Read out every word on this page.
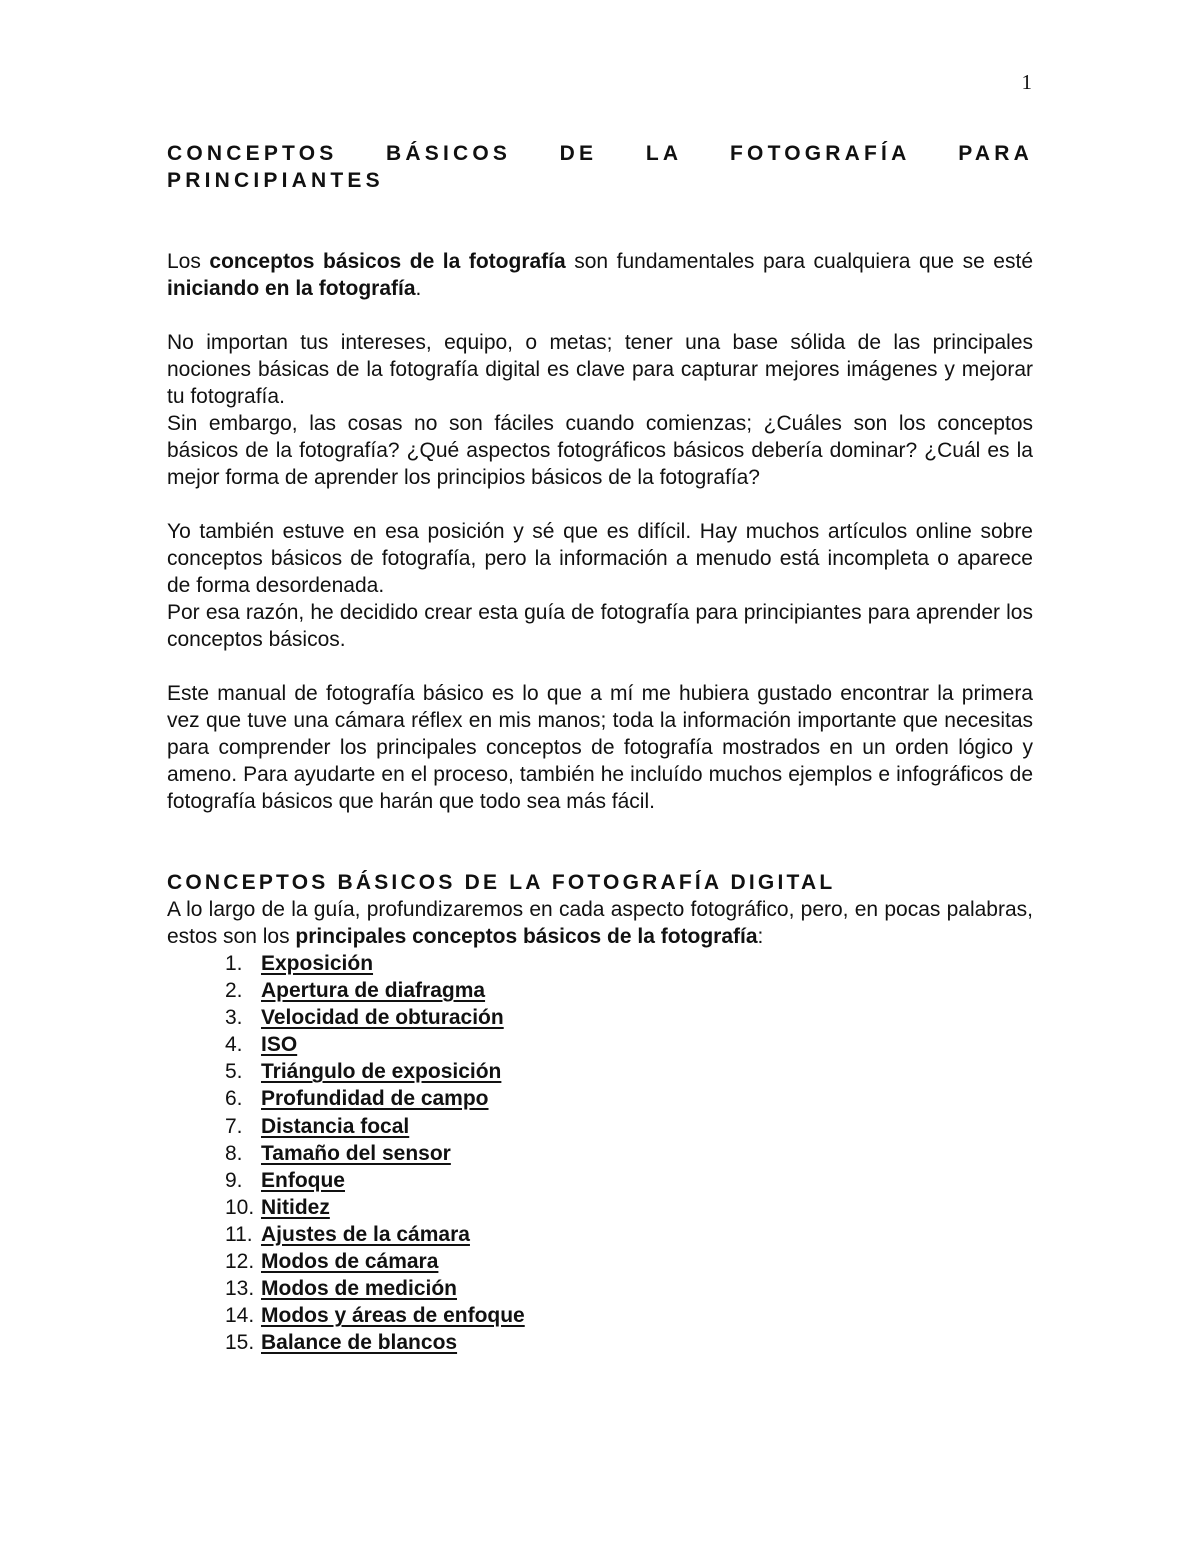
1
CONCEPTOS BÁSICOS DE LA FOTOGRAFÍA PARA PRINCIPIANTES

Los conceptos básicos de la fotografía son fundamentales para cualquiera que se esté iniciando en la fotografía.

No importan tus intereses, equipo, o metas; tener una base sólida de las principales nociones básicas de la fotografía digital es clave para capturar mejores imágenes y mejorar tu fotografía.

Sin embargo, las cosas no son fáciles cuando comienzas; ¿Cuáles son los conceptos básicos de la fotografía? ¿Qué aspectos fotográficos básicos debería dominar? ¿Cuál es la mejor forma de aprender los principios básicos de la fotografía?

Yo también estuve en esa posición y sé que es difícil. Hay muchos artículos online sobre conceptos básicos de fotografía, pero la información a menudo está incompleta o aparece de forma desordenada.

Por esa razón, he decidido crear esta guía de fotografía para principiantes para aprender los conceptos básicos.

Este manual de fotografía básico es lo que a mí me hubiera gustado encontrar la primera vez que tuve una cámara réflex en mis manos; toda la información importante que necesitas para comprender los principales conceptos de fotografía mostrados en un orden lógico y ameno. Para ayudarte en el proceso, también he incluído muchos ejemplos e infográficos de fotografía básicos que harán que todo sea más fácil.

CONCEPTOS BÁSICOS DE LA FOTOGRAFÍA DIGITAL

A lo largo de la guía, profundizaremos en cada aspecto fotográfico, pero, en pocas palabras, estos son los principales conceptos básicos de la fotografía:

1. Exposición
2. Apertura de diafragma
3. Velocidad de obturación
4. ISO
5. Triángulo de exposición
6. Profundidad de campo
7. Distancia focal
8. Tamaño del sensor
9. Enfoque
10. Nitidez
11. Ajustes de la cámara
12. Modos de cámara
13. Modos de medición
14. Modos y áreas de enfoque
15. Balance de blancos
